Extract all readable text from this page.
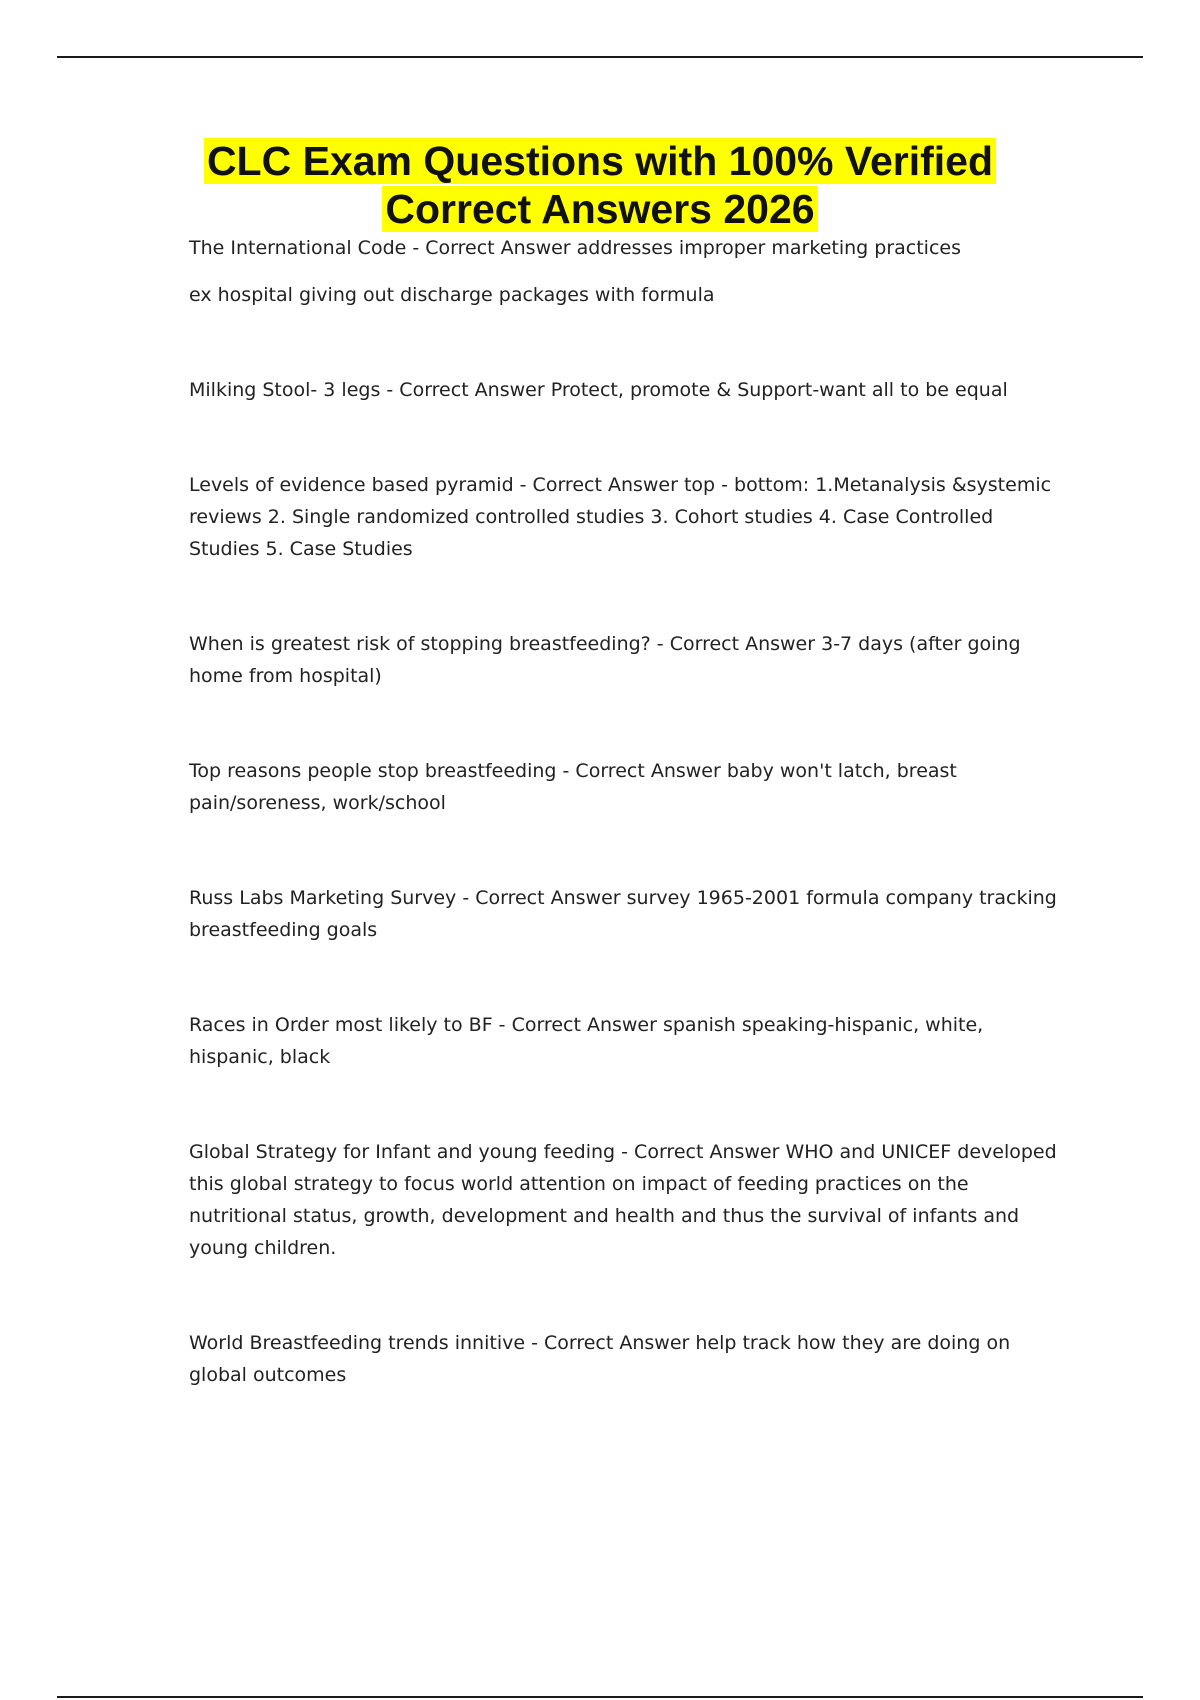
CLC Exam Questions with 100% Verified
Correct Answers 2026

The International Code - Correct Answer addresses improper marketing practices

ex hospital giving out discharge packages with formula

Milking Stool- 3 legs - Correct Answer Protect, promote & Support-want all to be equal

Levels of evidence based pyramid - Correct Answer top - bottom: 1.Metanalysis &systemic reviews 2. Single randomized controlled studies 3. Cohort studies 4. Case Controlled Studies 5. Case Studies

When is greatest risk of stopping breastfeeding? - Correct Answer 3-7 days (after going home from hospital)

Top reasons people stop breastfeeding - Correct Answer baby won't latch, breast pain/soreness, work/school

Russ Labs Marketing Survey - Correct Answer survey 1965-2001 formula company tracking breastfeeding goals

Races in Order most likely to BF - Correct Answer spanish speaking-hispanic, white, hispanic, black

Global Strategy for Infant and young feeding - Correct Answer WHO and UNICEF developed this global strategy to focus world attention on impact of feeding practices on the nutritional status, growth, development and health and thus the survival of infants and young children.

World Breastfeeding trends innitive - Correct Answer help track how they are doing on global outcomes
